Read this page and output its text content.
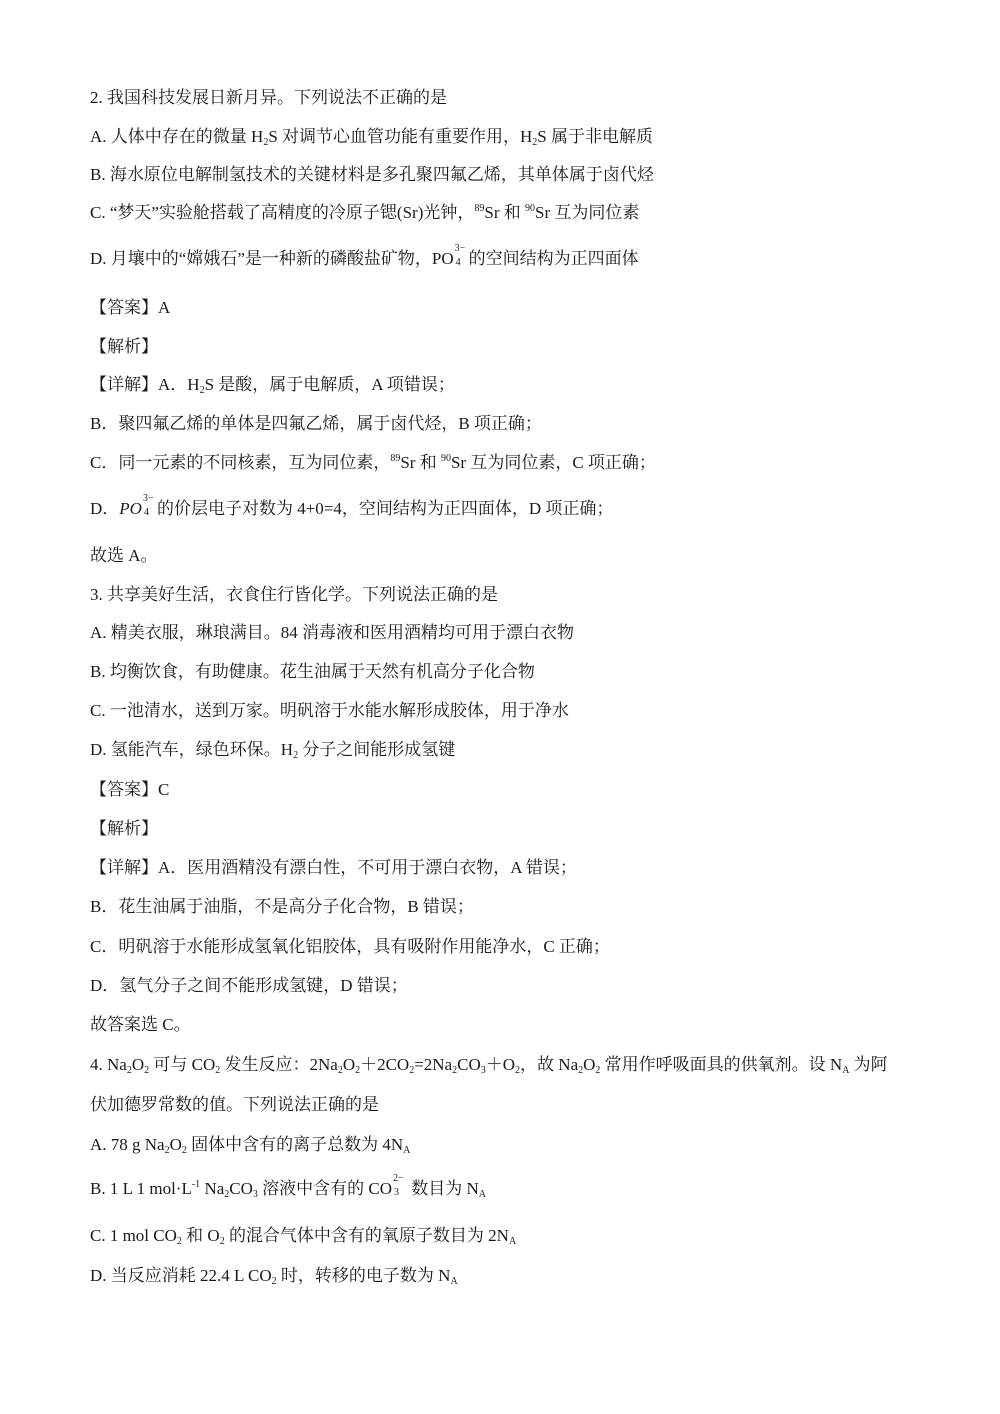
2. 我国科技发展日新月异。下列说法不正确的是
A. 人体中存在的微量 $H_2S$ 对调节心血管功能有重要作用，$H_2S$ 属于非电解质
B. 海水原位电解制氢技术的关键材料是多孔聚四氟乙烯，其单体属于卤代烃
C. “梦天”实验舱搭载了高精度的冷原子锶(Sr)光钟，$^{89}$Sr 和 $^{90}$Sr 互为同位素
D. 月壤中的“嫦娥石”是一种新的磷酸盐矿物，PO
3−
4 的空间结构为正四面体
【答案】A
【解析】
【详解】A．$H_2S$ 是酸，属于电解质，A 项错误；
B．聚四氟乙烯的单体是四氟乙烯，属于卤代烃，B 项正确；
C．同一元素的不同核素，互为同位素，$^{89}$Sr 和 $^{90}$Sr 互为同位素，C 项正确；
D．PO
3−
4 的价层电子对数为 4+0=4，空间结构为正四面体，D 项正确；
故选 A。
3. 共享美好生活，衣食住行皆化学。下列说法正确的是
A. 精美衣服，琳琅满目。84 消毒液和医用酒精均可用于漂白衣物
B. 均衡饮食，有助健康。花生油属于天然有机高分子化合物
C. 一池清水，送到万家。明矾溶于水能水解形成胶体，用于净水
D. 氢能汽车，绿色环保。$H_2$ 分子之间能形成氢键
【答案】C
【解析】
【详解】A．医用酒精没有漂白性，不可用于漂白衣物，A 错误；
B．花生油属于油脂，不是高分子化合物，B 错误；
C．明矾溶于水能形成氢氧化铝胶体，具有吸附作用能净水，C 正确；
D．氢气分子之间不能形成氢键，D 错误；
故答案选 C。
4. $Na_2O_2$ 可与 $CO_2$ 发生反应：$2Na_2O_2+2CO_2=2Na_2CO_3+O_2$，故 $Na_2O_2$ 常用作呼吸面具的供氧剂。设 $N_A$ 为阿
伏加德罗常数的值。下列说法正确的是
A. 78 g $Na_2O_2$ 固体中含有的离子总数为 $4N_A$
B. 1 L 1 $mol\cdot L^{-1}$ $Na_2CO_3$ 溶液中含有的 CO
2−
3 数目为 $N_A$
C. 1 mol $CO_2$ 和 $O_2$ 的混合气体中含有的氧原子数目为 $2N_A$
D. 当反应消耗 22.4 L $CO_2$ 时，转移的电子数为 $N_A$
